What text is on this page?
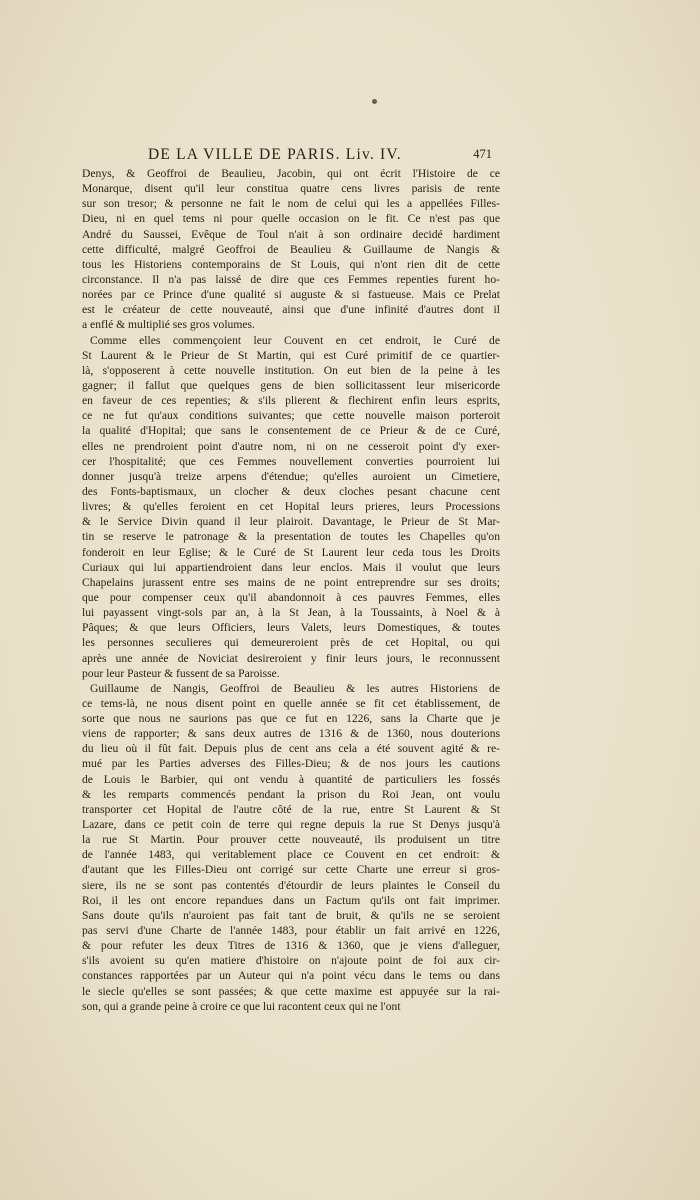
DE LA VILLE DE PARIS. Liv. IV.	471
Denys, & Geoffroi de Beaulieu, Jacobin, qui ont écrit l'Histoire de ce
Monarque, disent qu'il leur constitua quatre cens livres parisis de rente
sur son tresor; & personne ne fait le nom de celui qui les a appellées Filles-
Dieu, ni en quel tems ni pour quelle occasion on le fit. Ce n'est pas que
André du Saussei, Evêque de Toul n'ait à son ordinaire decidé hardiment
cette difficulté, malgré Geoffroi de Beaulieu & Guillaume de Nangis &
tous les Historiens contemporains de St Louis, qui n'ont rien dit de cette
circonstance. Il n'a pas laissé de dire que ces Femmes repenties furent ho-
norées par ce Prince d'une qualité si auguste & si fastueuse. Mais ce Prelat
est le créateur de cette nouveauté, ainsi que d'une infinité d'autres dont il
a enflé & multiplié ses gros volumes.
Comme elles commençoient leur Couvent en cet endroit, le Curé de
St Laurent & le Prieur de St Martin, qui est Curé primitif de ce quartier-
là, s'opposerent à cette nouvelle institution. On eut bien de la peine à les
gagner; il fallut que quelques gens de bien sollicitassent leur misericorde
en faveur de ces repenties; & s'ils plierent & flechirent enfin leurs esprits,
ce ne fut qu'aux conditions suivantes; que cette nouvelle maison porteroit
la qualité d'Hopital; que sans le consentement de ce Prieur & de ce Curé,
elles ne prendroient point d'autre nom, ni on ne cesseroit point d'y exer-
cer l'hospitalité; que ces Femmes nouvellement converties pourroient lui
donner jusqu'à treize arpens d'étendue; qu'elles auroient un Cimetiere,
des Fonts-baptismaux, un clocher & deux cloches pesant chacune cent
livres; & qu'elles feroient en cet Hopital leurs prieres, leurs Processions
& le Service Divin quand il leur plairoit. Davantage, le Prieur de St Mar-
tin se reserve le patronage & la presentation de toutes les Chapelles qu'on
fonderoit en leur Eglise; & le Curé de St Laurent leur ceda tous les Droits
Curiaux qui lui appartiendroient dans leur enclos. Mais il voulut que leurs
Chapelains jurassent entre ses mains de ne point entreprendre sur ses droits;
que pour compenser ceux qu'il abandonnoit à ces pauvres Femmes, elles
lui payassent vingt-sols par an, à la St Jean, à la Toussaints, à Noel & à
Pâques; & que leurs Officiers, leurs Valets, leurs Domestiques, & toutes
les personnes seculieres qui demeureroient près de cet Hopital, ou qui
après une année de Noviciat desireroient y finir leurs jours, le reconnussent
pour leur Pasteur & fussent de sa Paroisse.
Guillaume de Nangis, Geoffroi de Beaulieu & les autres Historiens de
ce tems-là, ne nous disent point en quelle année se fit cet établissement, de
sorte que nous ne saurions pas que ce fut en 1226, sans la Charte que je
viens de rapporter; & sans deux autres de 1316 & de 1360, nous douterions
du lieu où il fût fait. Depuis plus de cent ans cela a été souvent agité & re-
mué par les Parties adverses des Filles-Dieu; & de nos jours les cautions
de Louis le Barbier, qui ont vendu à quantité de particuliers les fossés
& les remparts commencés pendant la prison du Roi Jean, ont voulu
transporter cet Hopital de l'autre côté de la rue, entre St Laurent & St
Lazare, dans ce petit coin de terre qui regne depuis la rue St Denys jusqu'à
la rue St Martin. Pour prouver cette nouveauté, ils produisent un titre
de l'année 1483, qui veritablement place ce Couvent en cet endroit: &
d'autant que les Filles-Dieu ont corrigé sur cette Charte une erreur si gros-
siere, ils ne se sont pas contentés d'étourdir de leurs plaintes le Conseil du
Roi, il les ont encore repandues dans un Factum qu'ils ont fait imprimer.
Sans doute qu'ils n'auroient pas fait tant de bruit, & qu'ils ne se seroient
pas servi d'une Charte de l'année 1483, pour établir un fait arrivé en 1226,
& pour refuter les deux Titres de 1316 & 1360, que je viens d'alleguer,
s'ils avoient su qu'en matiere d'histoire on n'ajoute point de foi aux cir-
constances rapportées par un Auteur qui n'a point vécu dans le tems ou dans
le siecle qu'elles se sont passées; & que cette maxime est appuyée sur la rai-
son, qui a grande peine à croire ce que lui racontent ceux qui ne l'ont
